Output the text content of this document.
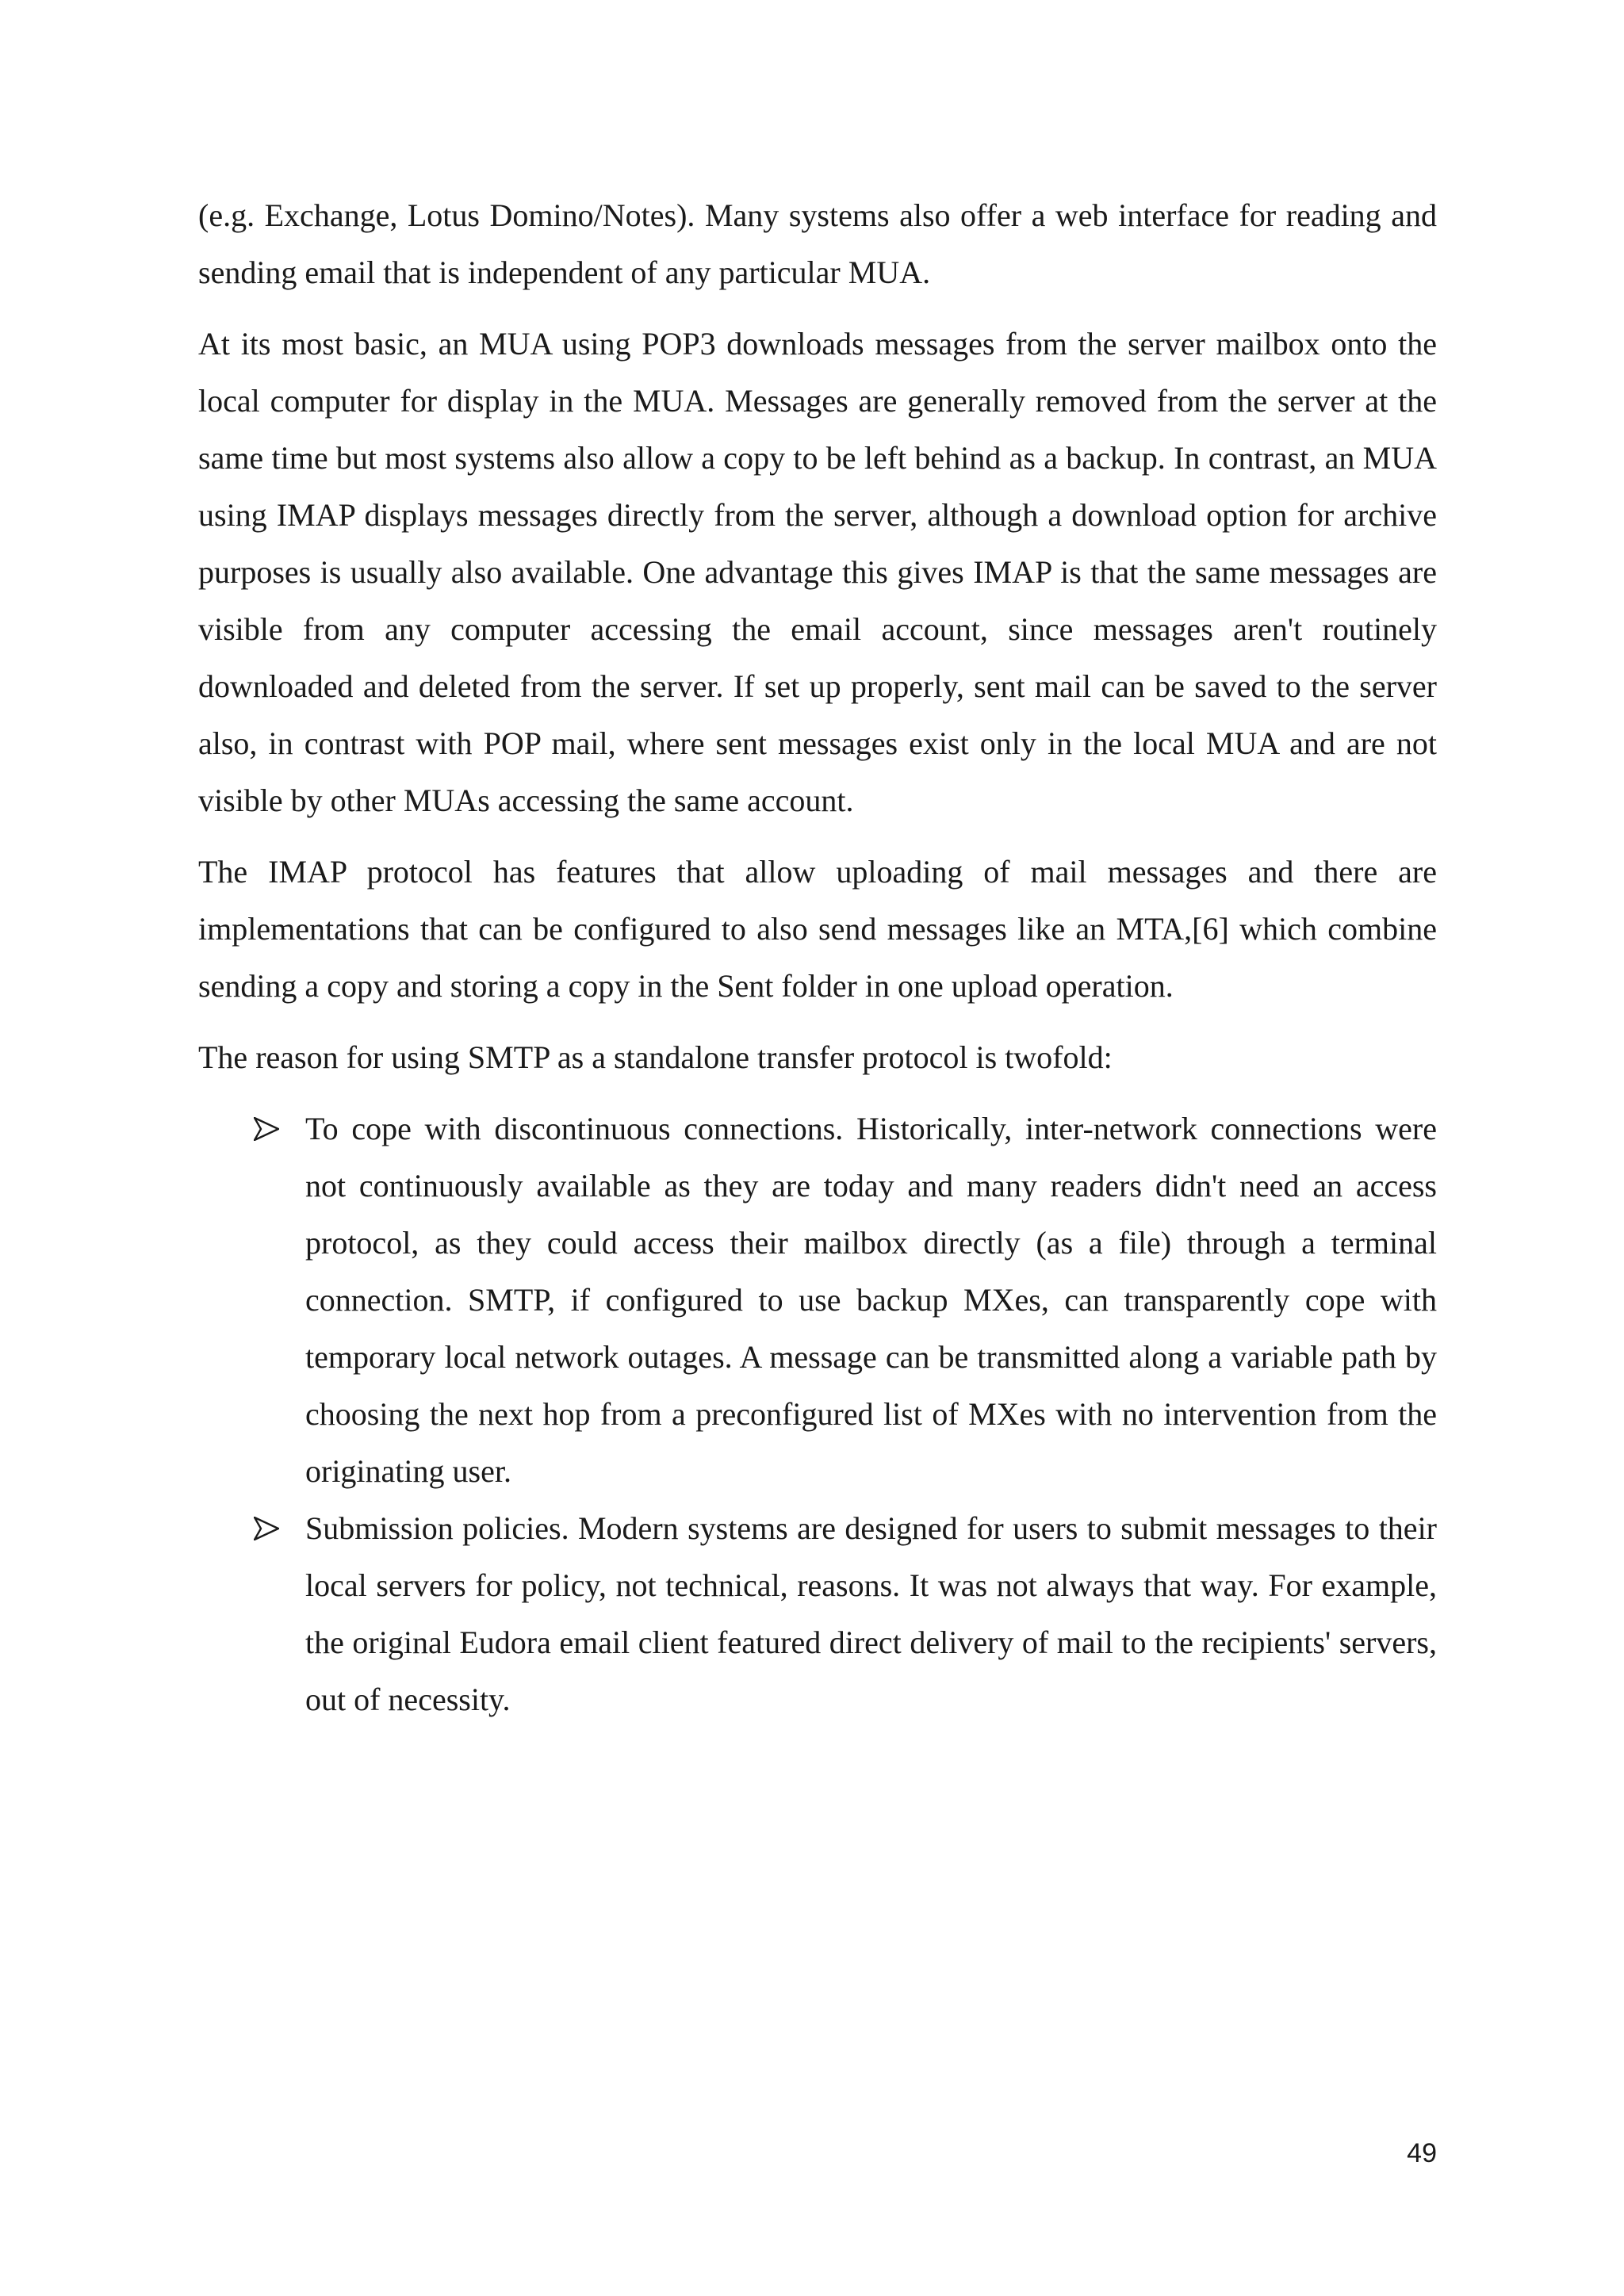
(e.g. Exchange, Lotus Domino/Notes). Many systems also offer a web interface for reading and sending email that is independent of any particular MUA.

At its most basic, an MUA using POP3 downloads messages from the server mailbox onto the local computer for display in the MUA. Messages are generally removed from the server at the same time but most systems also allow a copy to be left behind as a backup. In contrast, an MUA using IMAP displays messages directly from the server, although a download option for archive purposes is usually also available. One advantage this gives IMAP is that the same messages are visible from any computer accessing the email account, since messages aren't routinely downloaded and deleted from the server. If set up properly, sent mail can be saved to the server also, in contrast with POP mail, where sent messages exist only in the local MUA and are not visible by other MUAs accessing the same account.

The IMAP protocol has features that allow uploading of mail messages and there are implementations that can be configured to also send messages like an MTA,[6] which combine sending a copy and storing a copy in the Sent folder in one upload operation.

The reason for using SMTP as a standalone transfer protocol is twofold:

To cope with discontinuous connections. Historically, inter-network connections were not continuously available as they are today and many readers didn't need an access protocol, as they could access their mailbox directly (as a file) through a terminal connection. SMTP, if configured to use backup MXes, can transparently cope with temporary local network outages. A message can be transmitted along a variable path by choosing the next hop from a preconfigured list of MXes with no intervention from the originating user.
Submission policies. Modern systems are designed for users to submit messages to their local servers for policy, not technical, reasons. It was not always that way. For example, the original Eudora email client featured direct delivery of mail to the recipients' servers, out of necessity.
49
